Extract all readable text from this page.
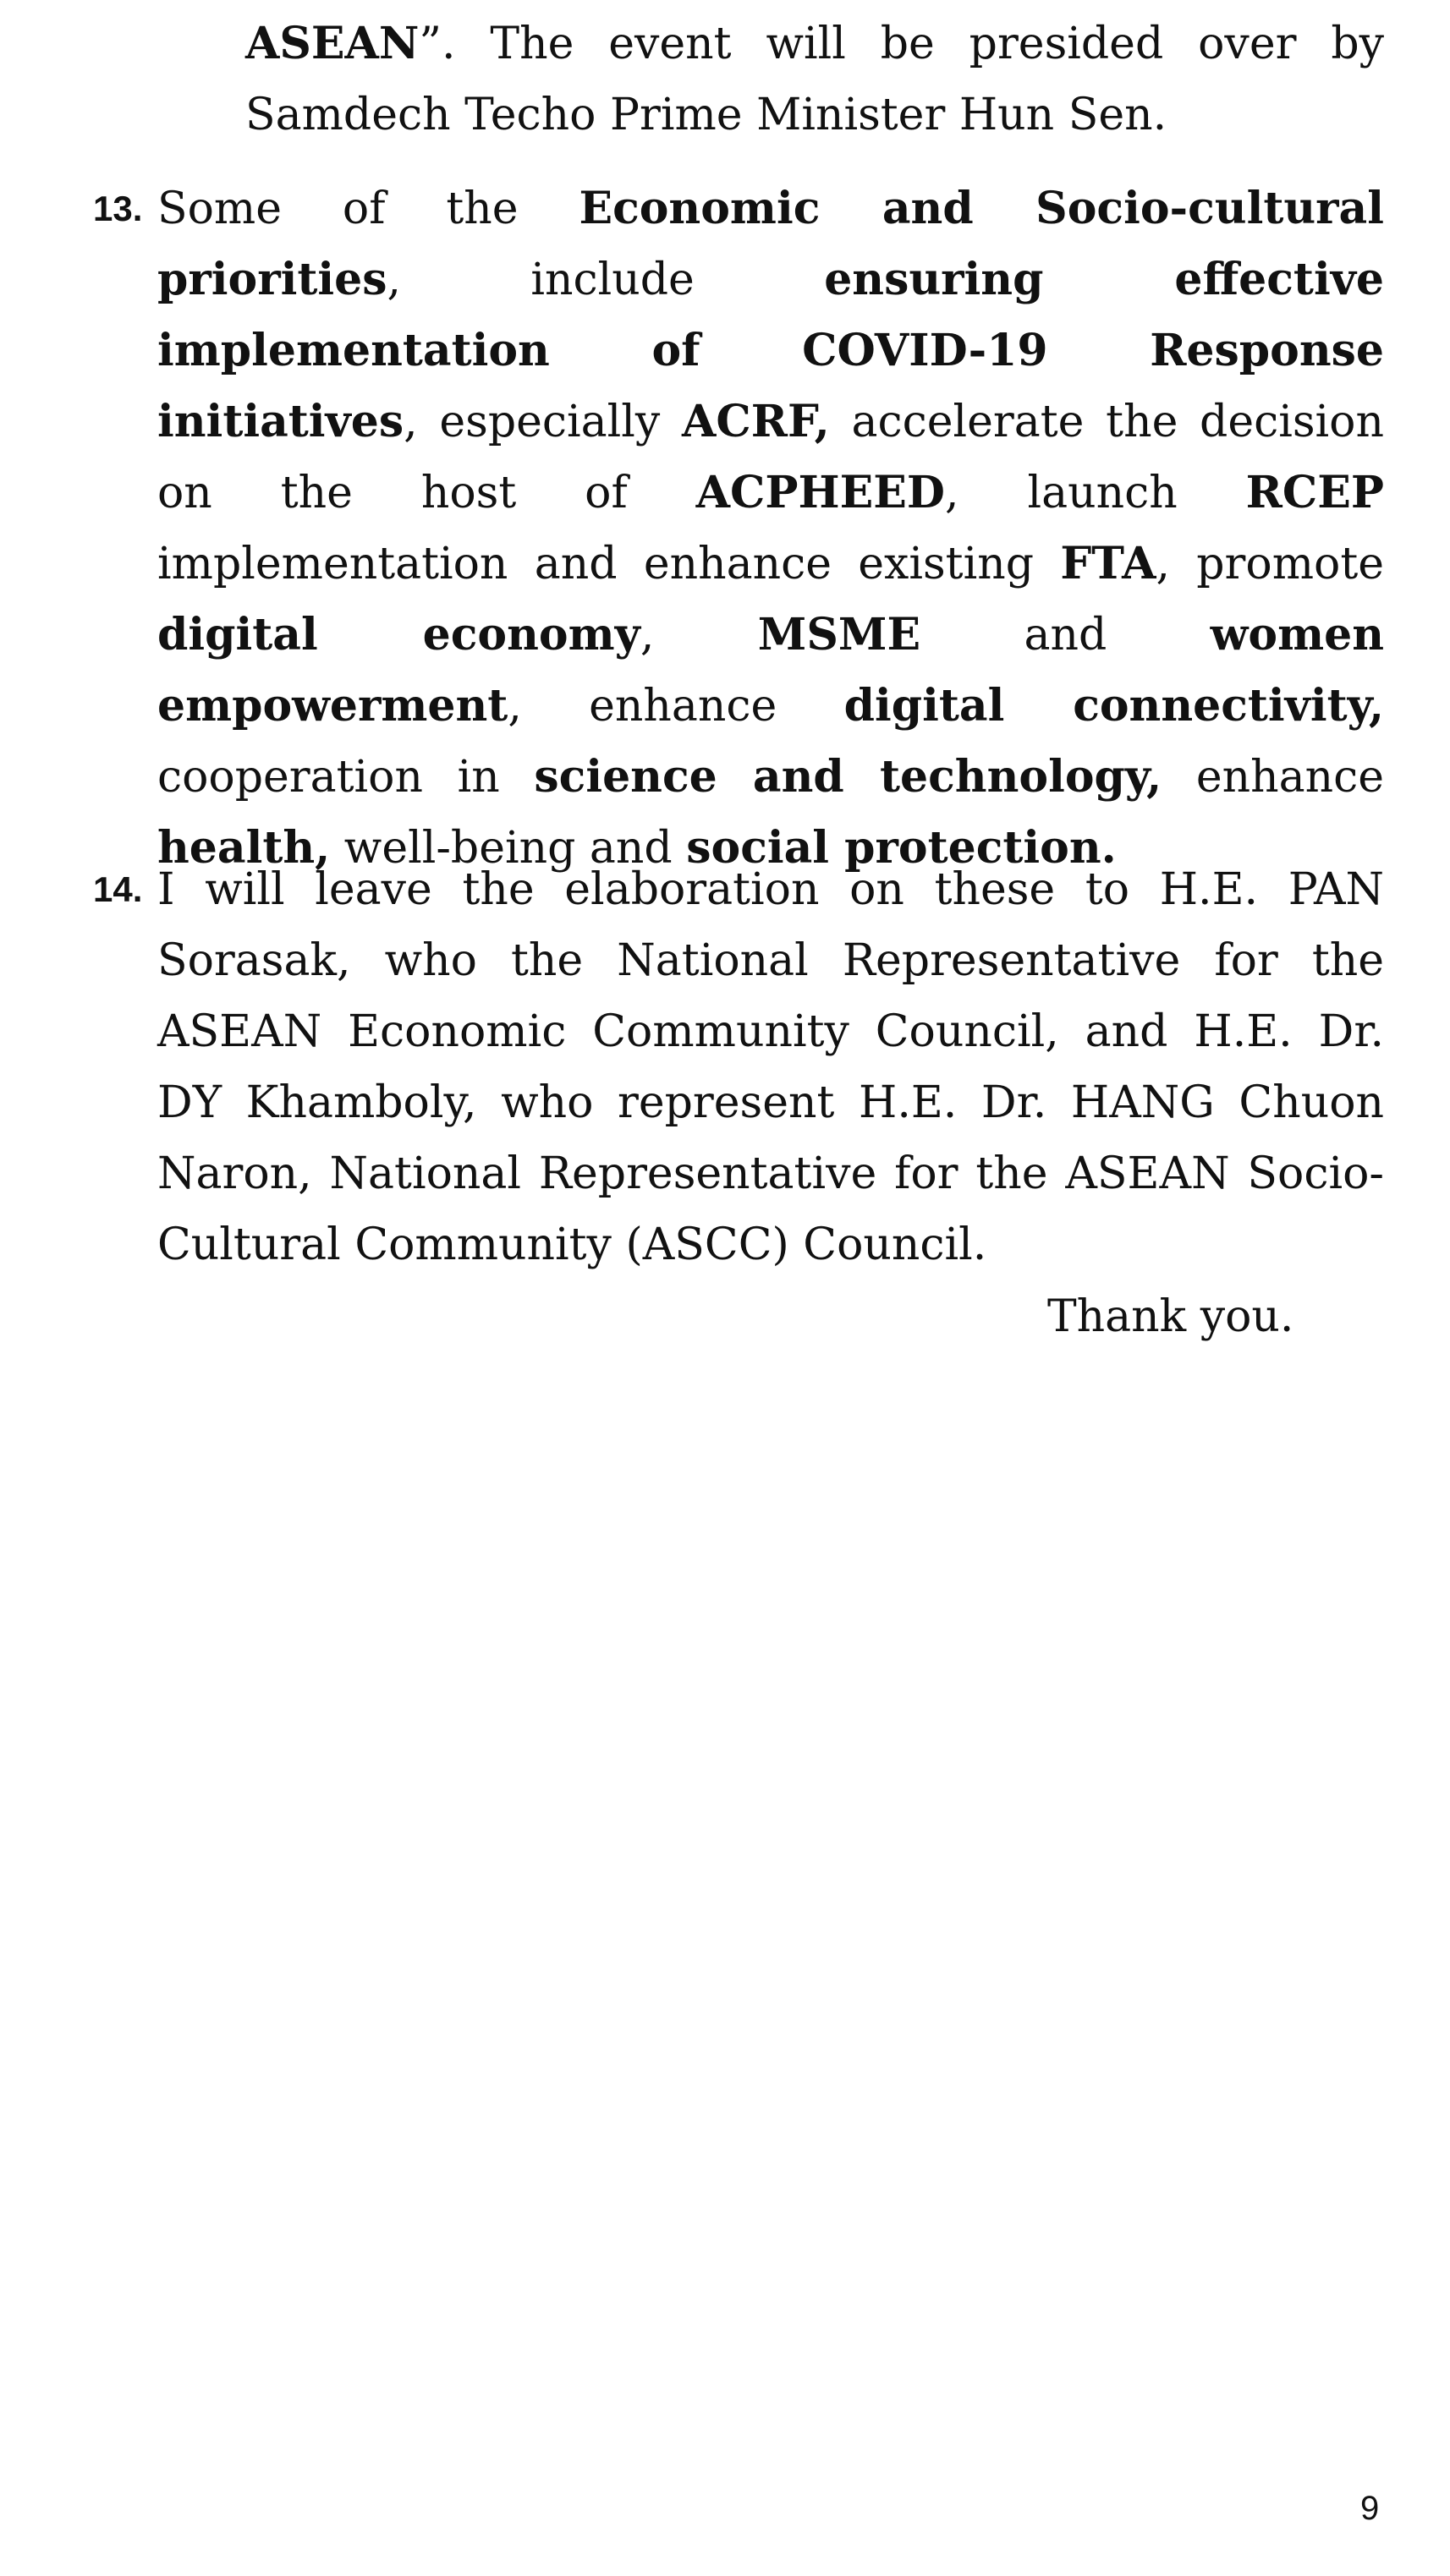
ASEAN”. The event will be presided over by Samdech Techo Prime Minister Hun Sen.

13. Some of the Economic and Socio-cultural priorities, include ensuring effective implementation of COVID-19 Response initiatives, especially ACRF, accelerate the decision on the host of ACPHEED, launch RCEP implementation and enhance existing FTA, promote digital economy, MSME and women empowerment, enhance digital connectivity, cooperation in science and technology, enhance health, well-being and social protection.
14. I will leave the elaboration on these to H.E. PAN Sorasak, who the National Representative for the ASEAN Economic Community Council, and H.E. Dr. DY Khamboly, who represent H.E. Dr. HANG Chuon Naron, National Representative for the ASEAN Socio-Cultural Community (ASCC) Council.
Thank you.
9
